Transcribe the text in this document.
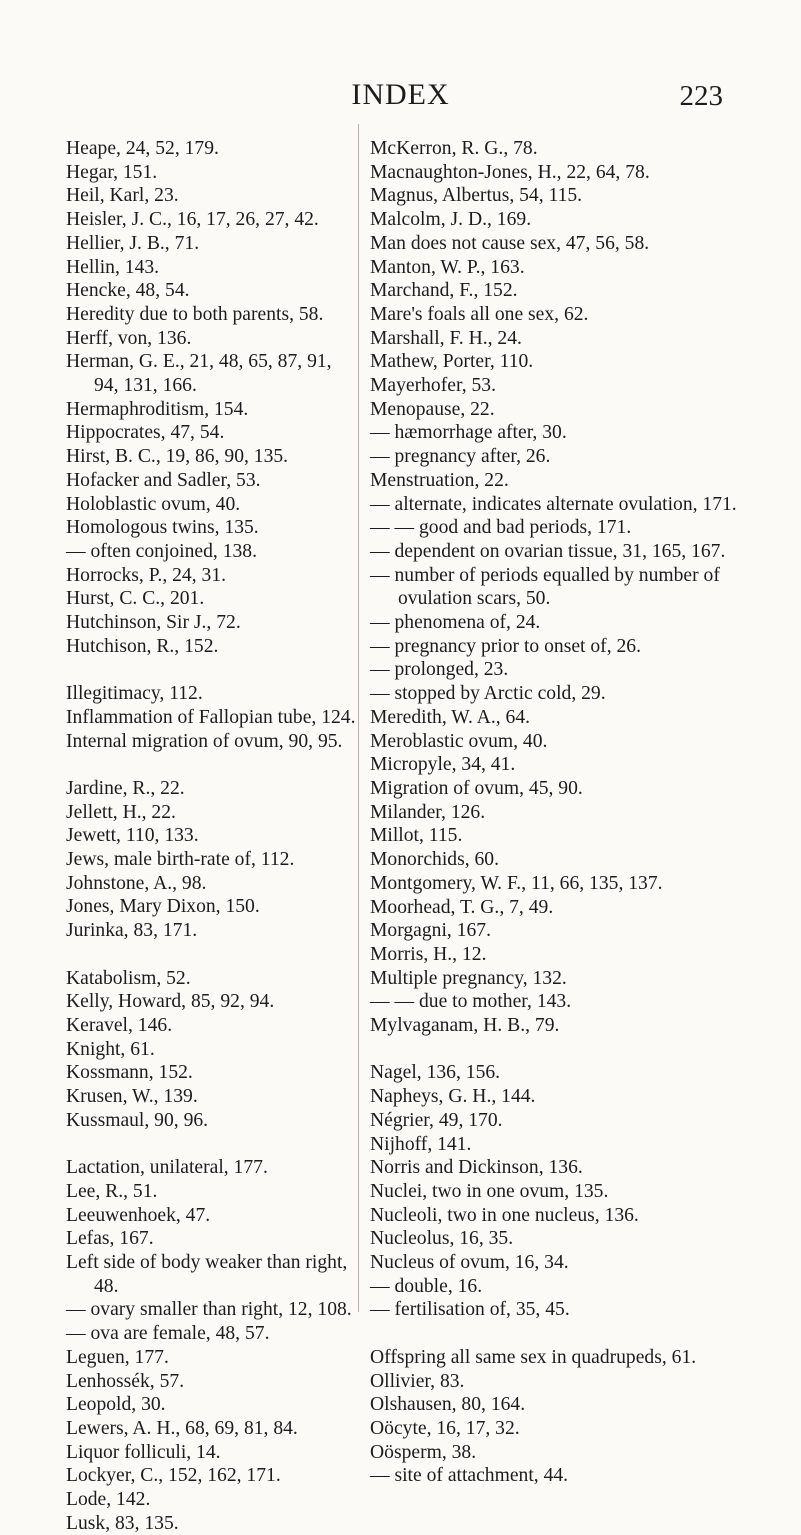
INDEX	223
Heape, 24, 52, 179.
Hegar, 151.
Heil, Karl, 23.
Heisler, J. C., 16, 17, 26, 27, 42.
Hellier, J. B., 71.
Hellin, 143.
Hencke, 48, 54.
Heredity due to both parents, 58.
Herff, von, 136.
Herman, G. E., 21, 48, 65, 87, 91, 94, 131, 166.
Hermaphroditism, 154.
Hippocrates, 47, 54.
Hirst, B. C., 19, 86, 90, 135.
Hofacker and Sadler, 53.
Holoblastic ovum, 40.
Homologous twins, 135.
— often conjoined, 138.
Horrocks, P., 24, 31.
Hurst, C. C., 201.
Hutchinson, Sir J., 72.
Hutchison, R., 152.
Illegitimacy, 112.
Inflammation of Fallopian tube, 124.
Internal migration of ovum, 90, 95.
Jardine, R., 22.
Jellett, H., 22.
Jewett, 110, 133.
Jews, male birth-rate of, 112.
Johnstone, A., 98.
Jones, Mary Dixon, 150.
Jurinka, 83, 171.
Katabolism, 52.
Kelly, Howard, 85, 92, 94.
Keravel, 146.
Knight, 61.
Kossmann, 152.
Krusen, W., 139.
Kussmaul, 90, 96.
Lactation, unilateral, 177.
Lee, R., 51.
Leeuwenhoek, 47.
Lefas, 167.
Left side of body weaker than right, 48.
— ovary smaller than right, 12, 108.
— ova are female, 48, 57.
Leguen, 177.
Lenhossék, 57.
Leopold, 30.
Lewers, A. H., 68, 69, 81, 84.
Liquor folliculi, 14.
Lockyer, C., 152, 162, 171.
Lode, 142.
Lusk, 83, 135.
McKerron, R. G., 78.
Macnaughton-Jones, H., 22, 64, 78.
Magnus, Albertus, 54, 115.
Malcolm, J. D., 169.
Man does not cause sex, 47, 56, 58.
Manton, W. P., 163.
Marchand, F., 152.
Mare's foals all one sex, 62.
Marshall, F. H., 24.
Mathew, Porter, 110.
Mayerhofer, 53.
Menopause, 22.
— hæmorrhage after, 30.
— pregnancy after, 26.
Menstruation, 22.
— alternate, indicates alternate ovulation, 171.
— — good and bad periods, 171.
— dependent on ovarian tissue, 31, 165, 167.
— number of periods equalled by number of ovulation scars, 50.
— phenomena of, 24.
— pregnancy prior to onset of, 26.
— prolonged, 23.
— stopped by Arctic cold, 29.
Meredith, W. A., 64.
Meroblastic ovum, 40.
Micropyle, 34, 41.
Migration of ovum, 45, 90.
Milander, 126.
Millot, 115.
Monorchids, 60.
Montgomery, W. F., 11, 66, 135, 137.
Moorhead, T. G., 7, 49.
Morgagni, 167.
Morris, H., 12.
Multiple pregnancy, 132.
— — due to mother, 143.
Mylvaganam, H. B., 79.
Nagel, 136, 156.
Napheys, G. H., 144.
Négrier, 49, 170.
Nijhoff, 141.
Norris and Dickinson, 136.
Nuclei, two in one ovum, 135.
Nucleoli, two in one nucleus, 136.
Nucleolus, 16, 35.
Nucleus of ovum, 16, 34.
— double, 16.
— fertilisation of, 35, 45.
Offspring all same sex in quadrupeds, 61.
Ollivier, 83.
Olshausen, 80, 164.
Oöcyte, 16, 17, 32.
Oösperm, 38.
— site of attachment, 44.
